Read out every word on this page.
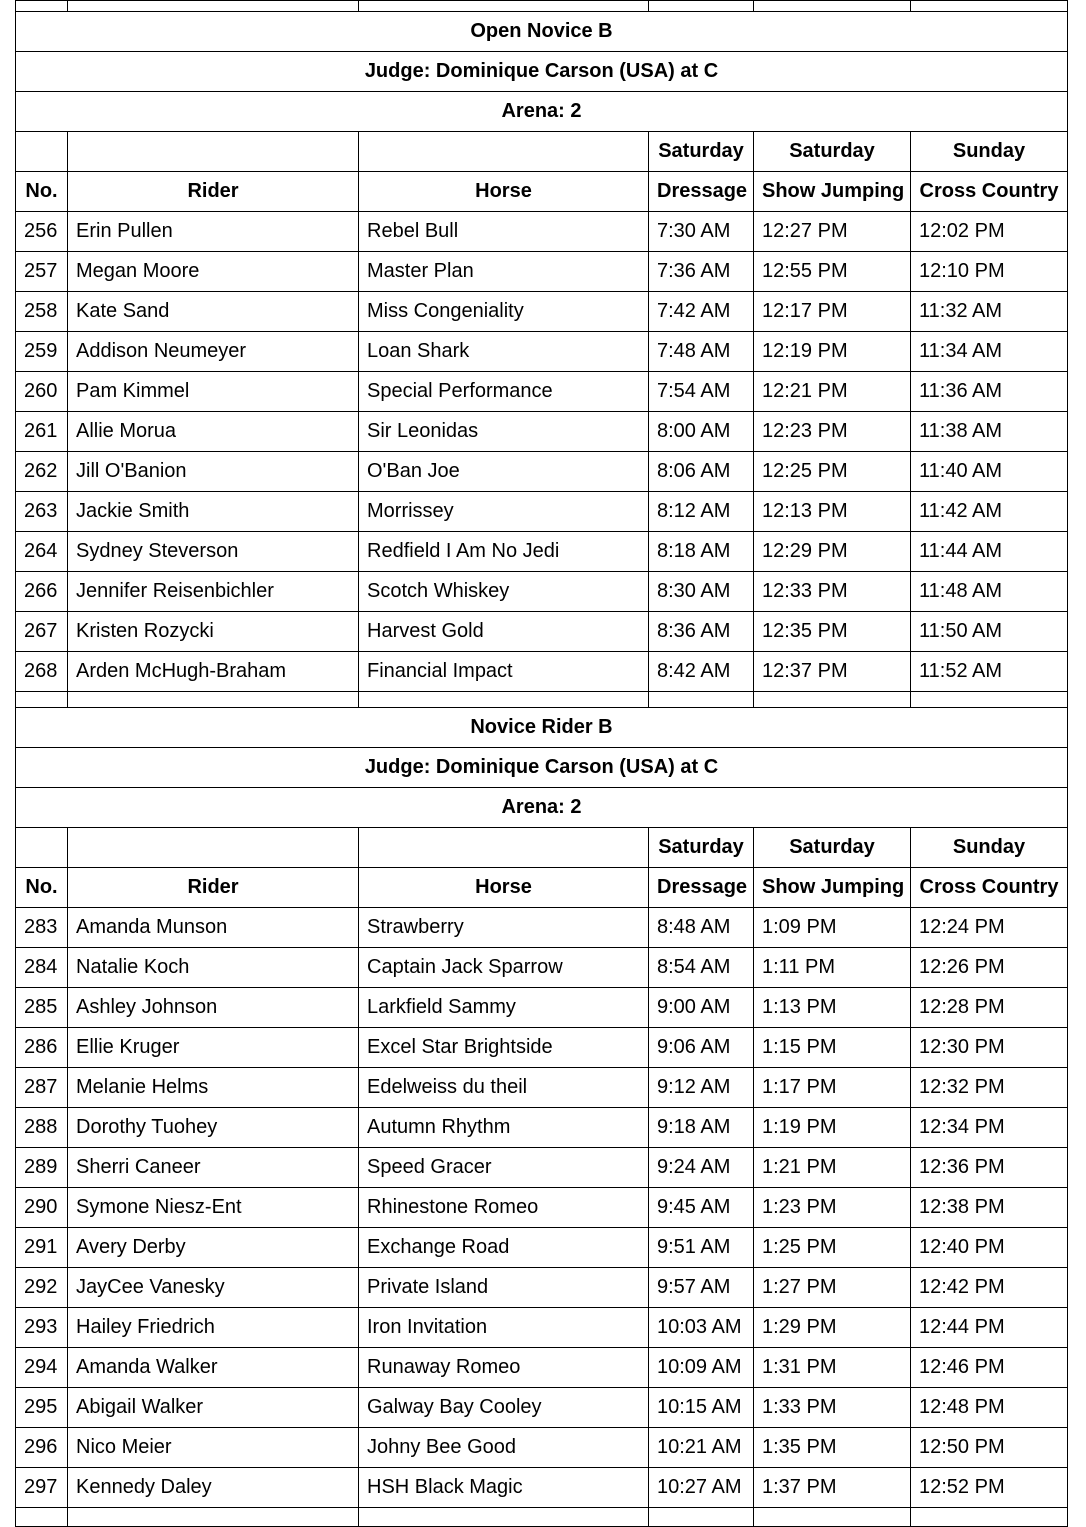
Open Novice B					
Judge: Dominique Carson (USA) at C					
Arena: 2					
			Saturday	Saturday	Sunday
No.	Rider	Horse	Dressage	Show Jumping	Cross Country
256	Erin Pullen	Rebel Bull	7:30 AM	12:27 PM	12:02 PM
257	Megan Moore	Master Plan	7:36 AM	12:55 PM	12:10 PM
258	Kate Sand	Miss Congeniality	7:42 AM	12:17 PM	11:32 AM
259	Addison Neumeyer	Loan Shark	7:48 AM	12:19 PM	11:34 AM
260	Pam Kimmel	Special Performance	7:54 AM	12:21 PM	11:36 AM
261	Allie Morua	Sir Leonidas	8:00 AM	12:23 PM	11:38 AM
262	Jill O'Banion	O'Ban Joe	8:06 AM	12:25 PM	11:40 AM
263	Jackie Smith	Morrissey	8:12 AM	12:13 PM	11:42 AM
264	Sydney Steverson	Redfield I Am No Jedi	8:18 AM	12:29 PM	11:44 AM
266	Jennifer Reisenbichler	Scotch Whiskey	8:30 AM	12:33 PM	11:48 AM
267	Kristen Rozycki	Harvest Gold	8:36 AM	12:35 PM	11:50 AM
268	Arden McHugh-Braham	Financial Impact	8:42 AM	12:37 PM	11:52 AM

Novice Rider B					
Judge: Dominique Carson (USA) at C					
Arena: 2					
			Saturday	Saturday	Sunday
No.	Rider	Horse	Dressage	Show Jumping	Cross Country
283	Amanda Munson	Strawberry	8:48 AM	1:09 PM	12:24 PM
284	Natalie Koch	Captain Jack Sparrow	8:54 AM	1:11 PM	12:26 PM
285	Ashley Johnson	Larkfield Sammy	9:00 AM	1:13 PM	12:28 PM
286	Ellie Kruger	Excel Star Brightside	9:06 AM	1:15 PM	12:30 PM
287	Melanie Helms	Edelweiss du theil	9:12 AM	1:17 PM	12:32 PM
288	Dorothy Tuohey	Autumn Rhythm	9:18 AM	1:19 PM	12:34 PM
289	Sherri Caneer	Speed Gracer	9:24 AM	1:21 PM	12:36 PM
290	Symone Niesz-Ent	Rhinestone Romeo	9:45 AM	1:23 PM	12:38 PM
291	Avery Derby	Exchange Road	9:51 AM	1:25 PM	12:40 PM
292	JayCee Vanesky	Private Island	9:57 AM	1:27 PM	12:42 PM
293	Hailey Friedrich	Iron Invitation	10:03 AM	1:29 PM	12:44 PM
294	Amanda Walker	Runaway Romeo	10:09 AM	1:31 PM	12:46 PM
295	Abigail Walker	Galway Bay Cooley	10:15 AM	1:33 PM	12:48 PM
296	Nico Meier	Johny Bee Good	10:21 AM	1:35 PM	12:50 PM
297	Kennedy Daley	HSH Black Magic	10:27 AM	1:37 PM	12:52 PM
